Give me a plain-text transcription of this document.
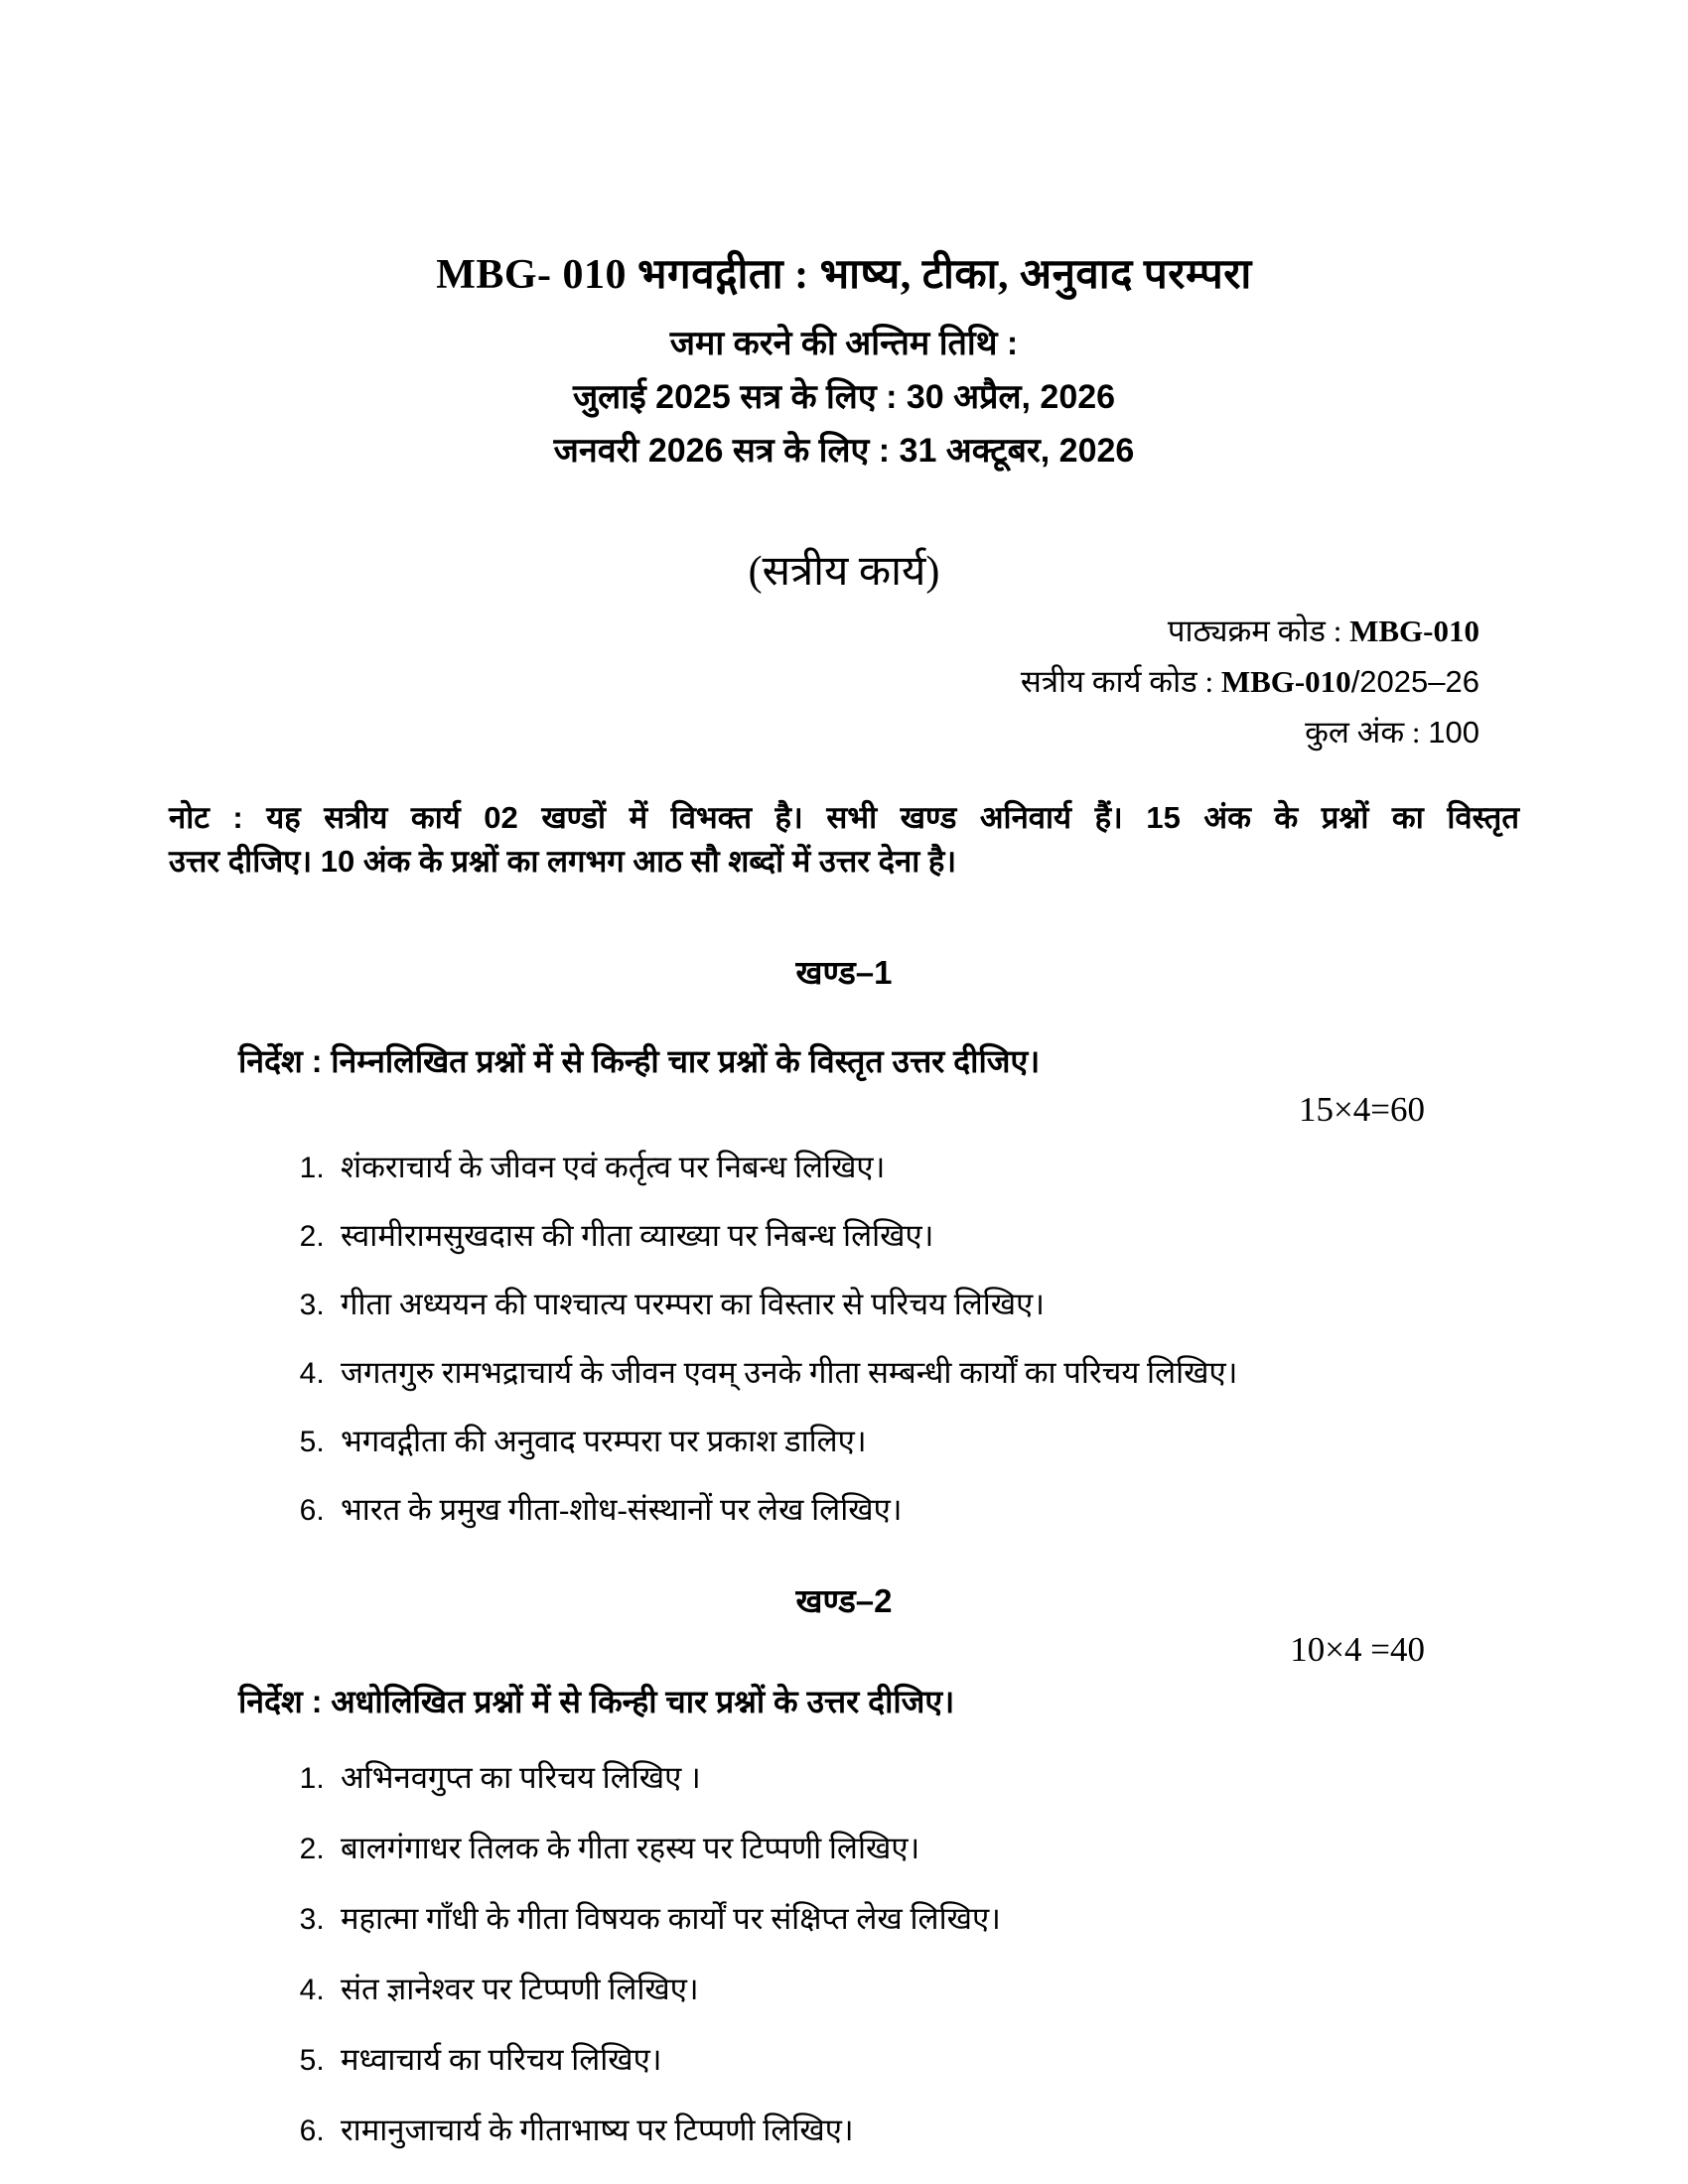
MBG- 010 भगवद्गीता : भाष्य, टीका, अनुवाद परम्परा
जमा करने की अन्तिम तिथि :
जुलाई 2025 सत्र के लिए : 30 अप्रैल, 2026
जनवरी 2026 सत्र के लिए : 31 अक्टूबर, 2026
(सत्रीय कार्य)
पाठ्यक्रम कोड : MBG-010
सत्रीय कार्य कोड : MBG-010/2025–26
कुल अंक : 100
नोट : यह सत्रीय कार्य 02 खण्डों में विभक्त है। सभी खण्ड अनिवार्य हैं। 15 अंक के प्रश्नों का विस्तृत
उत्तर दीजिए। 10 अंक के प्रश्नों का लगभग आठ सौ शब्दों में उत्तर देना है।
खण्ड–1
निर्देश : निम्नलिखित प्रश्नों में से किन्ही चार प्रश्नों के विस्तृत उत्तर दीजिए।
15×4=60
1. शंकराचार्य के जीवन एवं कर्तृत्व पर निबन्ध लिखिए।
2. स्वामीरामसुखदास की गीता व्याख्या पर निबन्ध लिखिए।
3. गीता अध्ययन की पाश्चात्य परम्परा का विस्तार से परिचय लिखिए।
4. जगतगुरु रामभद्राचार्य के जीवन एवम् उनके गीता सम्बन्धी कार्यों का परिचय लिखिए।
5. भगवद्गीता की अनुवाद परम्परा पर प्रकाश डालिए।
6. भारत के प्रमुख गीता-शोध-संस्थानों पर लेख लिखिए।
खण्ड–2
10×4 =40
निर्देश : अधोलिखित प्रश्नों में से किन्ही चार प्रश्नों के उत्तर दीजिए।
1. अभिनवगुप्त का परिचय लिखिए ।
2. बालगंगाधर तिलक के गीता रहस्य पर टिप्पणी लिखिए।
3. महात्मा गाँधी के गीता विषयक कार्यों पर संक्षिप्त लेख लिखिए।
4. संत ज्ञानेश्वर पर टिप्पणी लिखिए।
5. मध्वाचार्य का परिचय लिखिए।
6. रामानुजाचार्य के गीताभाष्य पर टिप्पणी लिखिए।
